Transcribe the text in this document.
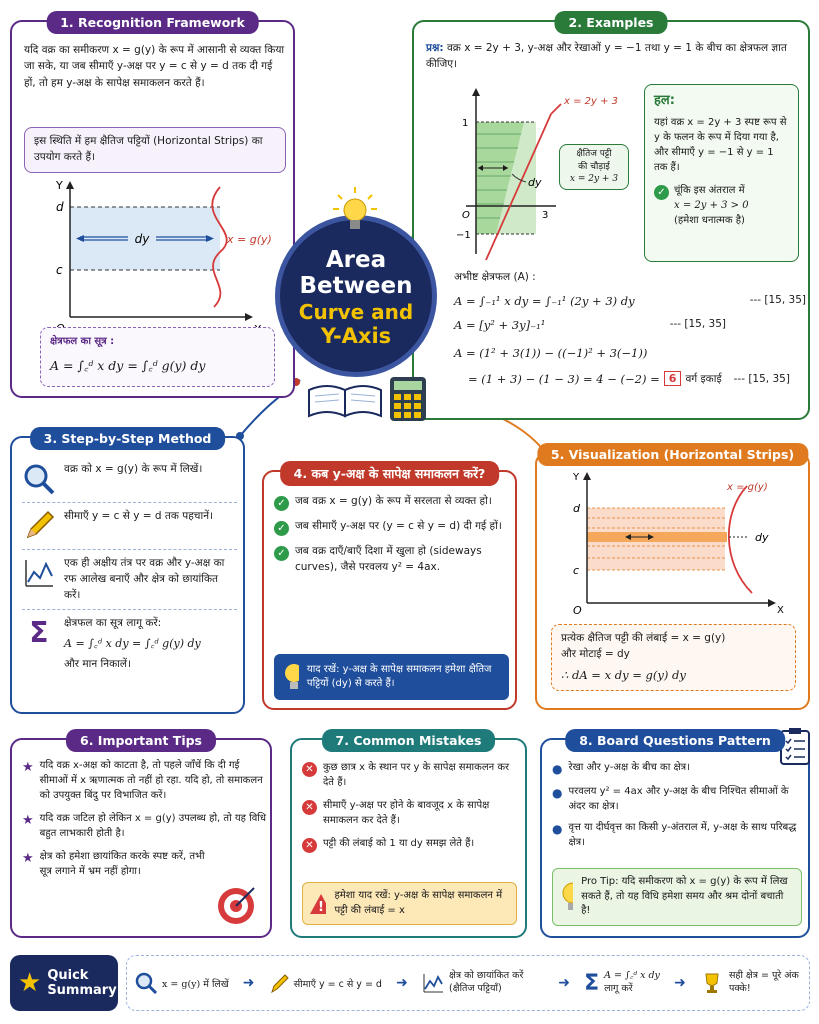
1. Recognition Framework
यदि वक्र का समीकरण x = g(y) के रूप में आसानी से व्यक्त किया जा सके, या जब सीमाएँ y-अक्ष पर y = c से y = d तक दी गई हों, तो हम y-अक्ष के सापेक्ष समाकलन करते हैं।
इस स्थिति में हम क्षैतिज पट्टियों (Horizontal Strips) का उपयोग करते हैं।
dy
Y
d
c
x = g(y)
क्षेत्रफल का सूत्र :
A = ∫꜀ᵈ x dy = ∫꜀ᵈ g(y) dy
2. Examples
प्रश्न: वक्र x = 2y + 3, y-अक्ष और रेखाओं y = −1 तथा y = 1 के बीच का क्षेत्रफल ज्ञात कीजिए।
dy
x = 2y + 3
1
−1
3
O
क्षैतिज पट्टी
की चौड़ाई
x = 2y + 3
हल:
यहां वक्र x = 2y + 3 स्पष्ट रूप से y के फलन के रूप में दिया गया है, और सीमाएँ y = −1 से y = 1 तक हैं।
✓ चूंकि इस अंतराल में
x = 2y + 3 > 0
(हमेशा धनात्मक है)
अभीष्ट क्षेत्रफल (A) :
A = ∫₋₁¹ x dy = ∫₋₁¹ (2y + 3) dy	--- [15, 35]
A = [y² + 3y]₋₁¹	--- [15, 35]
A = (1² + 3(1)) − ((−1)² + 3(−1))
= (1 + 3) − (1 − 3) = 4 − (−2) = 6 वर्ग इकाई --- [15, 35]
Area
Between
Curve and
Y-Axis
3. Step-by-Step Method
वक्र को x = g(y) के रूप में लिखें।
सीमाएँ y = c से y = d तक पहचानें।
एक ही अक्षीय तंत्र पर वक्र और y-अक्ष का रफ आलेख बनाएँ और क्षेत्र को छायांकित करें।
Σ	क्षेत्रफल का सूत्र लागू करें:
A = ∫꜀ᵈ x dy = ∫꜀ᵈ g(y) dy
और मान निकालें।
4. कब y-अक्ष के सापेक्ष समाकलन करें?
✓ जब वक्र x = g(y) के रूप में सरलता से व्यक्त हो।
✓ जब सीमाएँ y-अक्ष पर (y = c से y = d) दी गई हों।
✓ जब वक्र दाएँ/बाएँ दिशा में खुला हो (sideways curves), जैसे परवलय y² = 4ax.
याद रखें: y-अक्ष के सापेक्ष समाकलन हमेशा क्षैतिज पट्टियों (dy) से करते हैं।
5. Visualization (Horizontal Strips)
dy
x = g(y)
Y
X
O
d
c
प्रत्येक क्षैतिज पट्टी की लंबाई = x = g(y)
और मोटाई = dy
∴ dA = x dy = g(y) dy
6. Important Tips
★ यदि वक्र x-अक्ष को काटता है, तो पहले जाँचें कि दी गई सीमाओं में x ऋणात्मक तो नहीं हो रहा. यदि हो, तो समाकलन को उपयुक्त बिंदु पर विभाजित करें।
★ यदि वक्र जटिल हो लेकिन x = g(y) उपलब्ध हो, तो यह विधि बहुत लाभकारी होती है।
★ क्षेत्र को हमेशा छायांकित करके स्पष्ट करें, तभी सूत्र लगाने में भ्रम नहीं होगा।
7. Common Mistakes
✕ कुछ छात्र x के स्थान पर y के सापेक्ष समाकलन कर देते हैं।
✕ सीमाएँ y-अक्ष पर होने के बावजूद x के सापेक्ष समाकलन कर देते हैं।
✕ पट्टी की लंबाई को 1 या dy समझ लेते हैं।
!
हमेशा याद रखें: y-अक्ष के सापेक्ष समाकलन में पट्टी की लंबाई = x
8. Board Questions Pattern
● रेखा और y-अक्ष के बीच का क्षेत्र।
● परवलय y² = 4ax और y-अक्ष के बीच निश्चित सीमाओं के अंदर का क्षेत्र।
● वृत्त या दीर्घवृत्त का किसी y-अंतराल में, y-अक्ष के साथ परिबद्ध क्षेत्र।
Pro Tip: यदि समीकरण को x = g(y) के रूप में लिख सकते हैं, तो यह विधि हमेशा समय और श्रम दोनों बचाती है!
★ Quick
Summary	x = g(y) में लिखें ➜	सीमाएँ y = c से y = d ➜	क्षेत्र को छायांकित करें (क्षैतिज पट्टियाँ)	➜ Σ A = ∫꜀ᵈ x dy
लागू करें	➜	सही क्षेत्र = पूरे अंक पक्के!
